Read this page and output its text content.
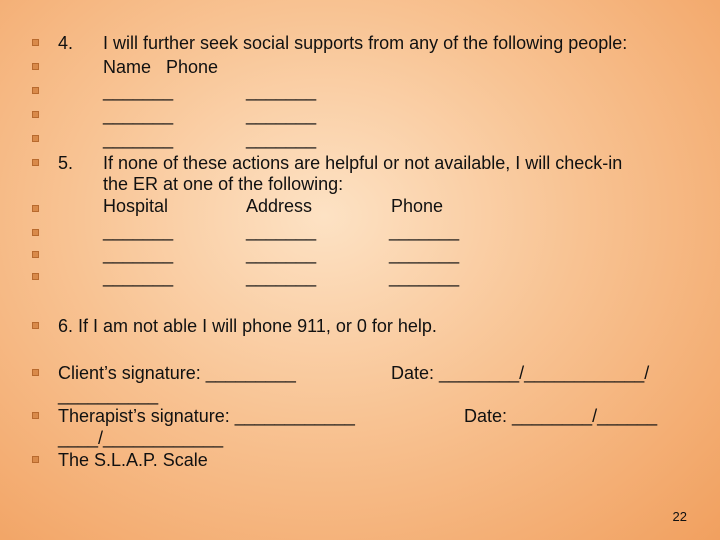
4. I will further seek social supports from any of the following people:
Name   Phone
_______	_______
_______	_______
_______	_______
5. If none of these actions are helpful or not available, I will check-in
the ER at one of the following:
Hospital	Address	Phone
_______	_______	_______
_______	_______	_______
_______	_______	_______
6. If I am not able I will phone 911, or 0 for help.
Client’s signature: _________	Date: ________/____________/
__________
Therapist’s signature: ____________	Date: ________/______
____/____________
The S.L.A.P. Scale
22
